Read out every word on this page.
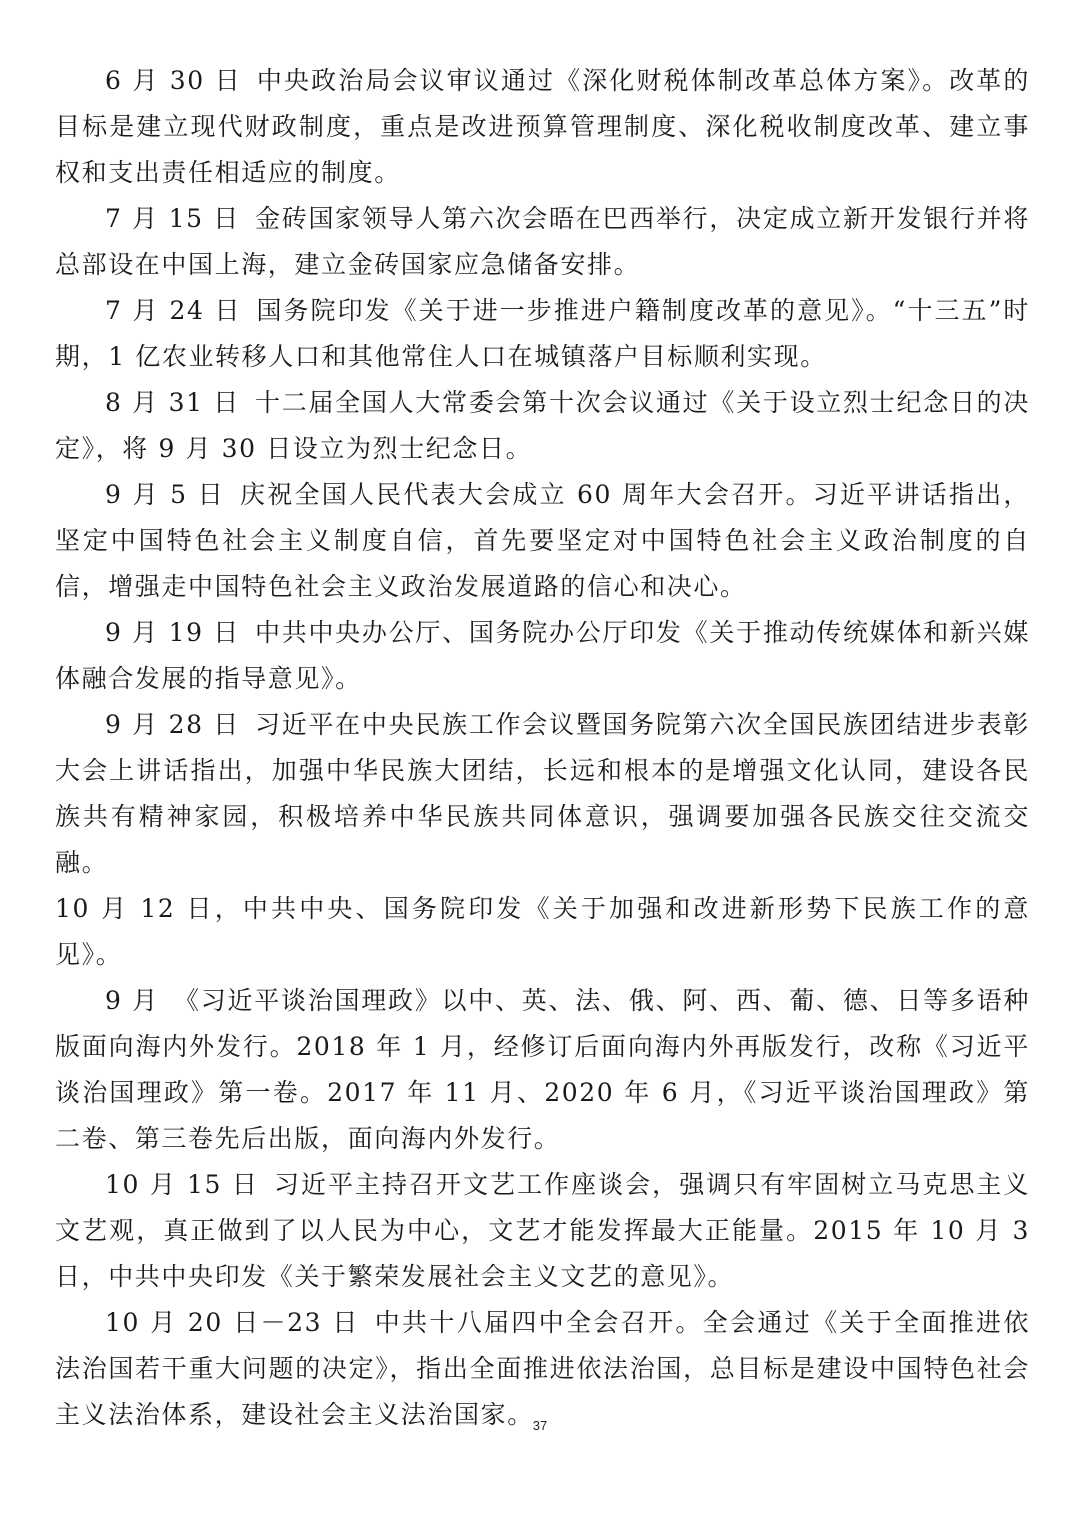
6 月 30 日 中央政治局会议审议通过《深化财税体制改革总体方案》。改革的目标是建立现代财政制度，重点是改进预算管理制度、深化税收制度改革、建立事权和支出责任相适应的制度。

7 月 15 日 金砖国家领导人第六次会晤在巴西举行，决定成立新开发银行并将总部设在中国上海，建立金砖国家应急储备安排。

7 月 24 日 国务院印发《关于进一步推进户籍制度改革的意见》。“十三五”时期，1 亿农业转移人口和其他常住人口在城镇落户目标顺利实现。

8 月 31 日 十二届全国人大常委会第十次会议通过《关于设立烈士纪念日的决定》，将 9 月 30 日设立为烈士纪念日。

9 月 5 日 庆祝全国人民代表大会成立 60 周年大会召开。习近平讲话指出，坚定中国特色社会主义制度自信，首先要坚定对中国特色社会主义政治制度的自信，增强走中国特色社会主义政治发展道路的信心和决心。

9 月 19 日 中共中央办公厅、国务院办公厅印发《关于推动传统媒体和新兴媒体融合发展的指导意见》。

9 月 28 日 习近平在中央民族工作会议暨国务院第六次全国民族团结进步表彰大会上讲话指出，加强中华民族大团结，长远和根本的是增强文化认同，建设各民族共有精神家园，积极培养中华民族共同体意识，强调要加强各民族交往交流交融。

10 月 12 日，中共中央、国务院印发《关于加强和改进新形势下民族工作的意见》。

9 月 《习近平谈治国理政》以中、英、法、俄、阿、西、葡、德、日等多语种版面向海内外发行。2018 年 1 月，经修订后面向海内外再版发行，改称《习近平谈治国理政》第一卷。2017 年 11 月、2020 年 6 月，《习近平谈治国理政》第二卷、第三卷先后出版，面向海内外发行。

10 月 15 日 习近平主持召开文艺工作座谈会，强调只有牢固树立马克思主义文艺观，真正做到了以人民为中心，文艺才能发挥最大正能量。2015 年 10 月 3 日，中共中央印发《关于繁荣发展社会主义文艺的意见》。

10 月 20 日－23 日 中共十八届四中全会召开。全会通过《关于全面推进依法治国若干重大问题的决定》，指出全面推进依法治国，总目标是建设中国特色社会主义法治体系，建设社会主义法治国家。

37
